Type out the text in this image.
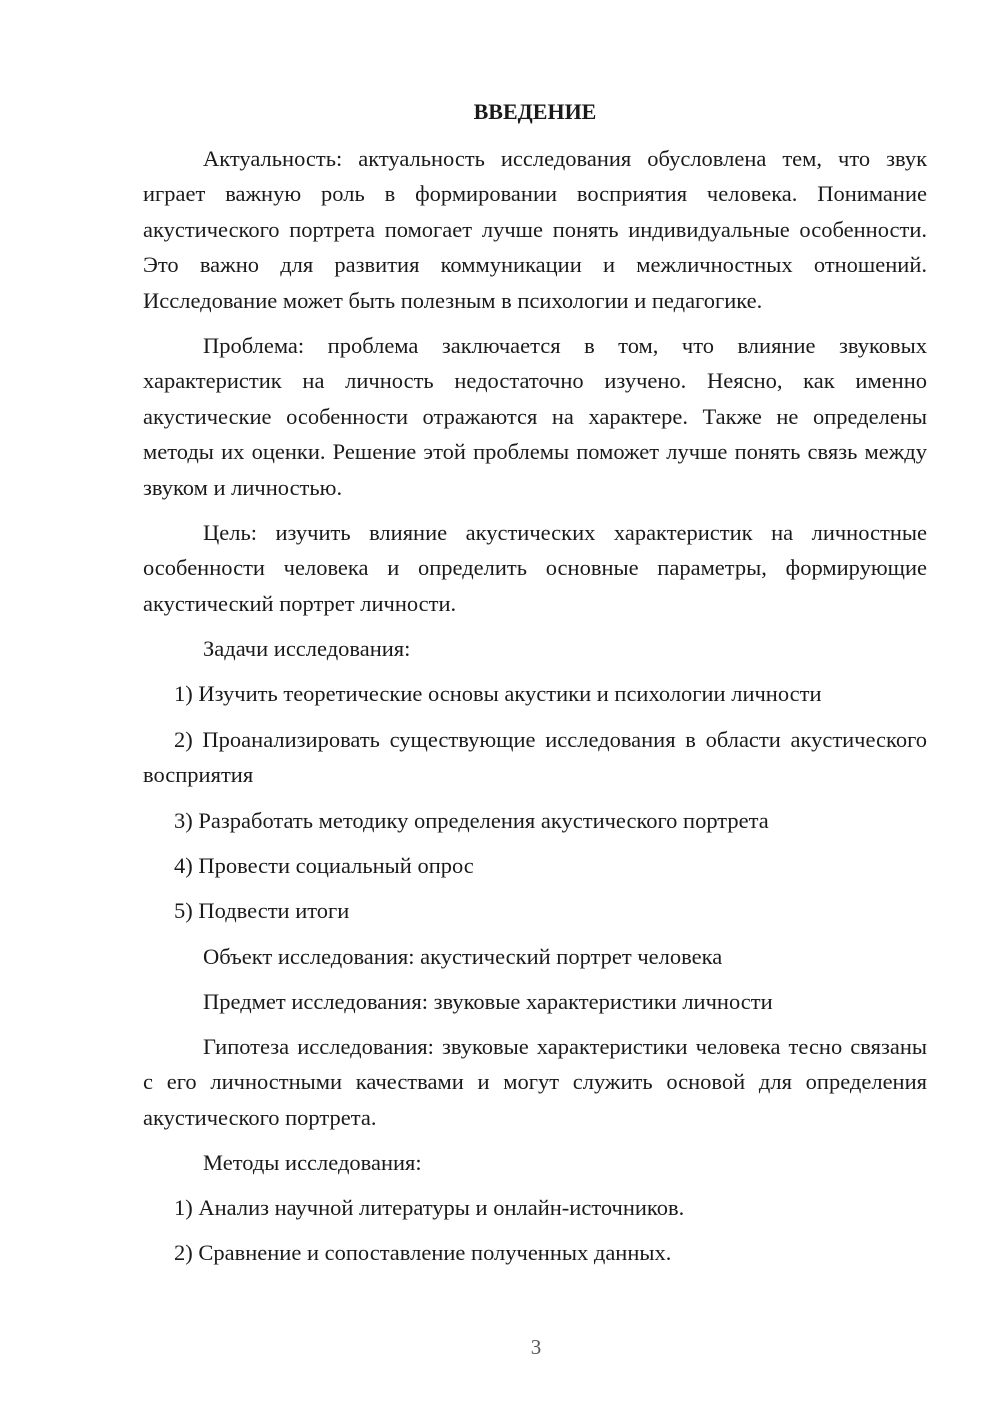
ВВЕДЕНИЕ

Актуальность: актуальность исследования обусловлена тем, что звук играет важную роль в формировании восприятия человека. Понимание акустического портрета помогает лучше понять индивидуальные особенности. Это важно для развития коммуникации и межличностных отношений. Исследование может быть полезным в психологии и педагогике.

Проблема: проблема заключается в том, что влияние звуковых характеристик на личность недостаточно изучено. Неясно, как именно акустические особенности отражаются на характере. Также не определены методы их оценки. Решение этой проблемы поможет лучше понять связь между звуком и личностью.

Цель: изучить влияние акустических характеристик на личностные особенности человека и определить основные параметры, формирующие акустический портрет личности.

Задачи исследования:

1) Изучить теоретические основы акустики и психологии личности

2) Проанализировать существующие исследования в области акустического восприятия

3) Разработать методику определения акустического портрета

4) Провести социальный опрос

5) Подвести итоги

Объект исследования: акустический портрет человека

Предмет исследования: звуковые характеристики личности

Гипотеза исследования: звуковые характеристики человека тесно связаны с его личностными качествами и могут служить основой для определения акустического портрета.

Методы исследования:

1) Анализ научной литературы и онлайн-источников.

2) Сравнение и сопоставление полученных данных.

3
